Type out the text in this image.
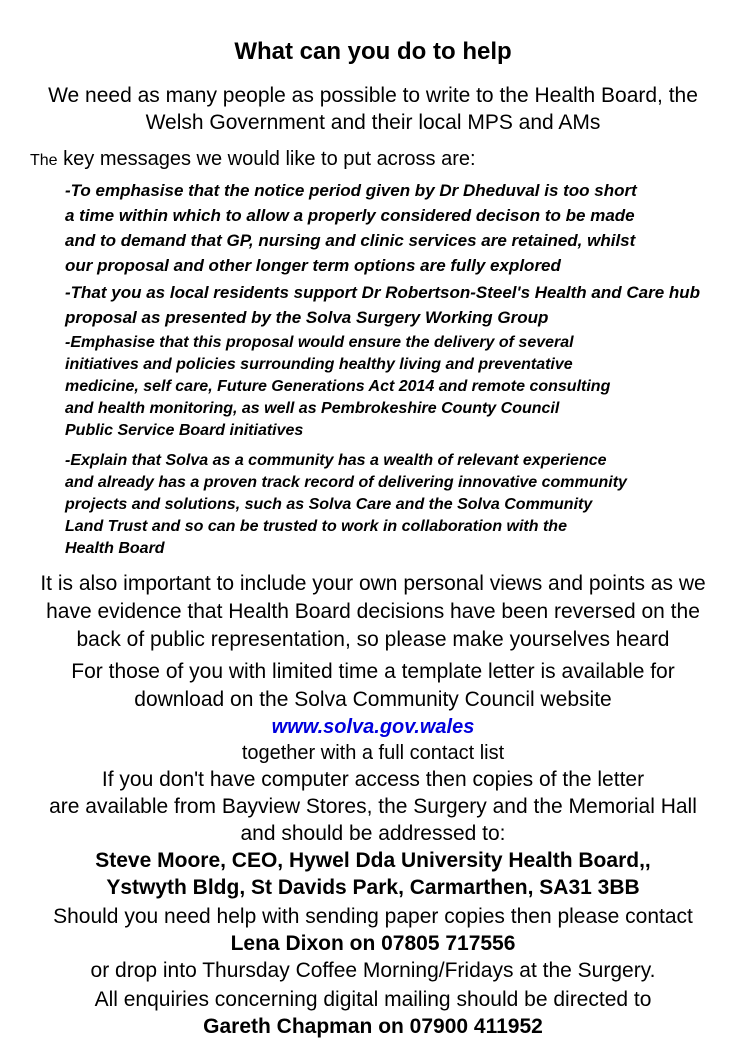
What can you do to help
We need as many people as possible to write to the Health Board, the
Welsh Government and their local MPS and AMs
The key messages we would like to put across are:
-To emphasise that the notice period given by Dr Dheduval is too short
a time within which to allow a properly considered decison to be made
and to demand that GP, nursing and clinic services are retained, whilst
our proposal and other longer term options are fully explored
-That you as local residents support Dr Robertson-Steel's Health and Care hub
proposal as presented by the Solva Surgery Working Group
-Emphasise that this proposal would ensure the delivery of several
initiatives and policies surrounding healthy living and preventative
medicine, self care, Future Generations Act 2014 and remote consulting
and health monitoring, as well as Pembrokeshire County Council
Public Service Board initiatives
-Explain that Solva as a community has a wealth of relevant experience
and already has a proven track record of delivering innovative community
projects and solutions, such as Solva Care and the Solva Community
Land Trust and so can be trusted to work in collaboration with the
Health Board
It is also important to include your own personal views and points as we
have evidence that Health Board decisions have been reversed on the
back of public representation, so please make yourselves heard
For those of you with limited time a template letter is available for
download on the Solva Community Council website
www.solva.gov.wales
together with a full contact list
If you don't have computer access then copies of the letter
are available from Bayview Stores, the Surgery and the Memorial Hall
and should be addressed to:
Steve Moore, CEO, Hywel Dda University Health Board,,
Ystwyth Bldg, St Davids Park, Carmarthen, SA31 3BB
Should you need help with sending paper copies then please contact
Lena Dixon on 07805 717556
or drop into Thursday Coffee Morning/Fridays at the Surgery.
All enquiries concerning digital mailing should be directed to
Gareth Chapman on 07900 411952
